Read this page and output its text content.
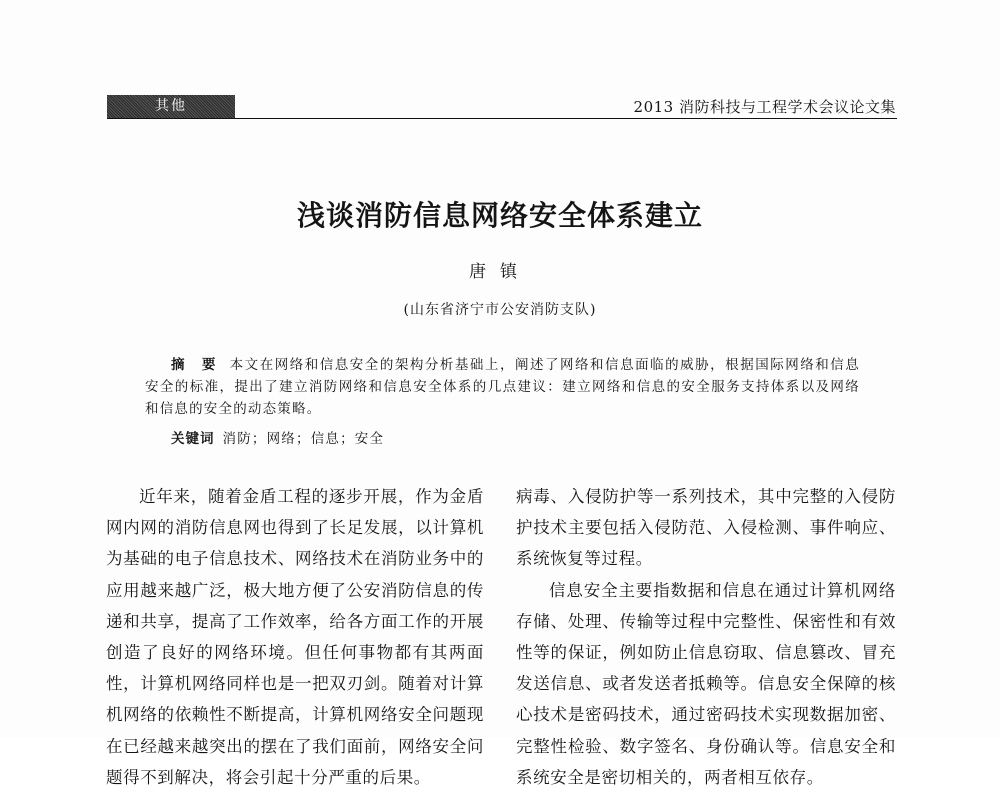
其他	2013 消防科技与工程学术会议论文集
浅谈消防信息网络安全体系建立
唐镇
(山东省济宁市公安消防支队)
摘 要 本文在网络和信息安全的架构分析基础上，阐述了网络和信息面临的威胁，根据国际网络和信息安全的标准，提出了建立消防网络和信息安全体系的几点建议：建立网络和信息的安全服务支持体系以及网络和信息的安全的动态策略。
关键词 消防；网络；信息；安全

近年来，随着金盾工程的逐步开展，作为金盾网内网的消防信息网也得到了长足发展，以计算机为基础的电子信息技术、网络技术在消防业务中的应用越来越广泛，极大地方便了公安消防信息的传递和共享，提高了工作效率，给各方面工作的开展创造了良好的网络环境。但任何事物都有其两面性，计算机网络同样也是一把双刃剑。随着对计算机网络的依赖性不断提高，计算机网络安全问题现在已经越来越突出的摆在了我们面前，网络安全问题得不到解决，将会引起十分严重的后果。

病毒、入侵防护等一系列技术，其中完整的入侵防护技术主要包括入侵防范、入侵检测、事件响应、系统恢复等过程。

信息安全主要指数据和信息在通过计算机网络存储、处理、传输等过程中完整性、保密性和有效性等的保证，例如防止信息窃取、信息篡改、冒充发送信息、或者发送者抵赖等。信息安全保障的核心技术是密码技术，通过密码技术实现数据加密、完整性检验、数字签名、身份确认等。信息安全和系统安全是密切相关的，两者相互依存。
